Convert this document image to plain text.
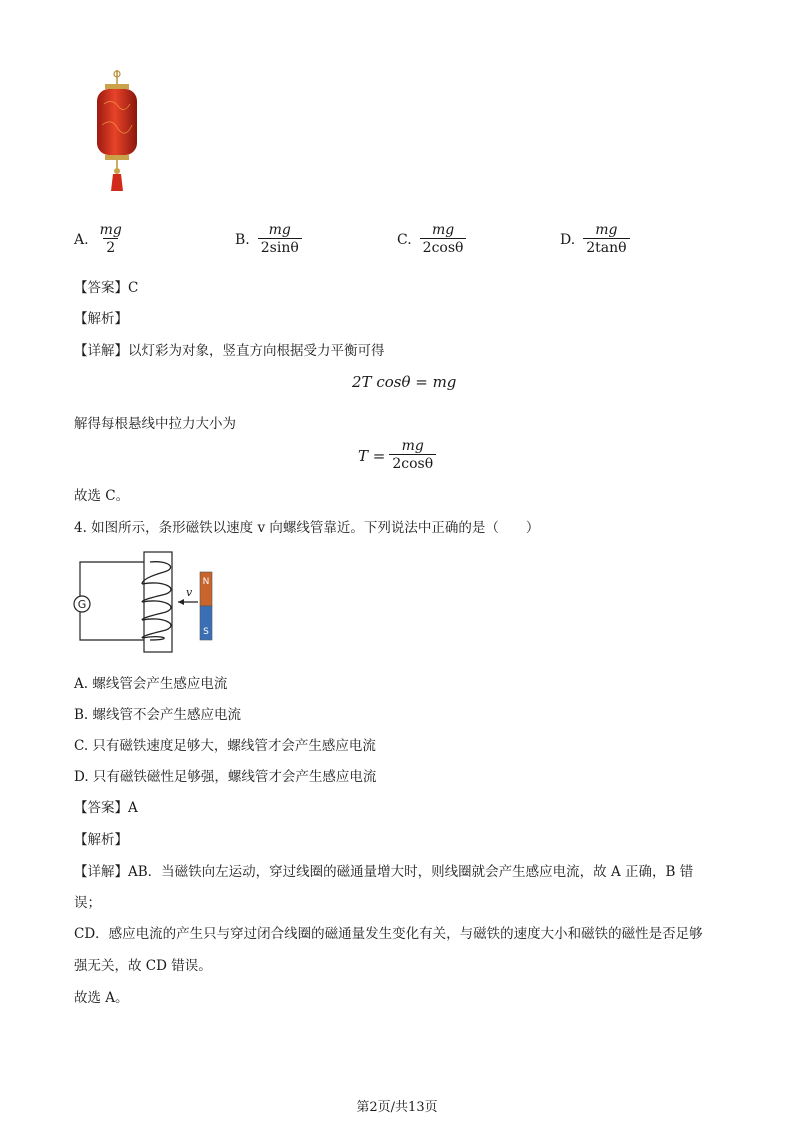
A. $\frac{mg}{2}$	B. $\frac{mg}{2\sin\theta}$	C. $\frac{mg}{2\cos\theta}$	D. $\frac{mg}{2\tan\theta}$
【答案】C
【解析】
【详解】以灯彩为对象，竖直方向根据受力平衡可得
2T cosθ = mg
解得每根悬线中拉力大小为
$T = \frac{mg}{2\cos\theta}$
故选 C。
4. 如图所示，条形磁铁以速度 v 向螺线管靠近。下列说法中正确的是（　　）
G
v
N
S
A. 螺线管会产生感应电流
B. 螺线管不会产生感应电流
C. 只有磁铁速度足够大，螺线管才会产生感应电流
D. 只有磁铁磁性足够强，螺线管才会产生感应电流
【答案】A
【解析】
【详解】AB．当磁铁向左运动，穿过线圈的磁通量增大时，则线圈就会产生感应电流，故 A 正确，B 错
误；
CD．感应电流的产生只与穿过闭合线圈的磁通量发生变化有关，与磁铁的速度大小和磁铁的磁性是否足够
强无关，故 CD 错误。
故选 A。
第2页/共13页
